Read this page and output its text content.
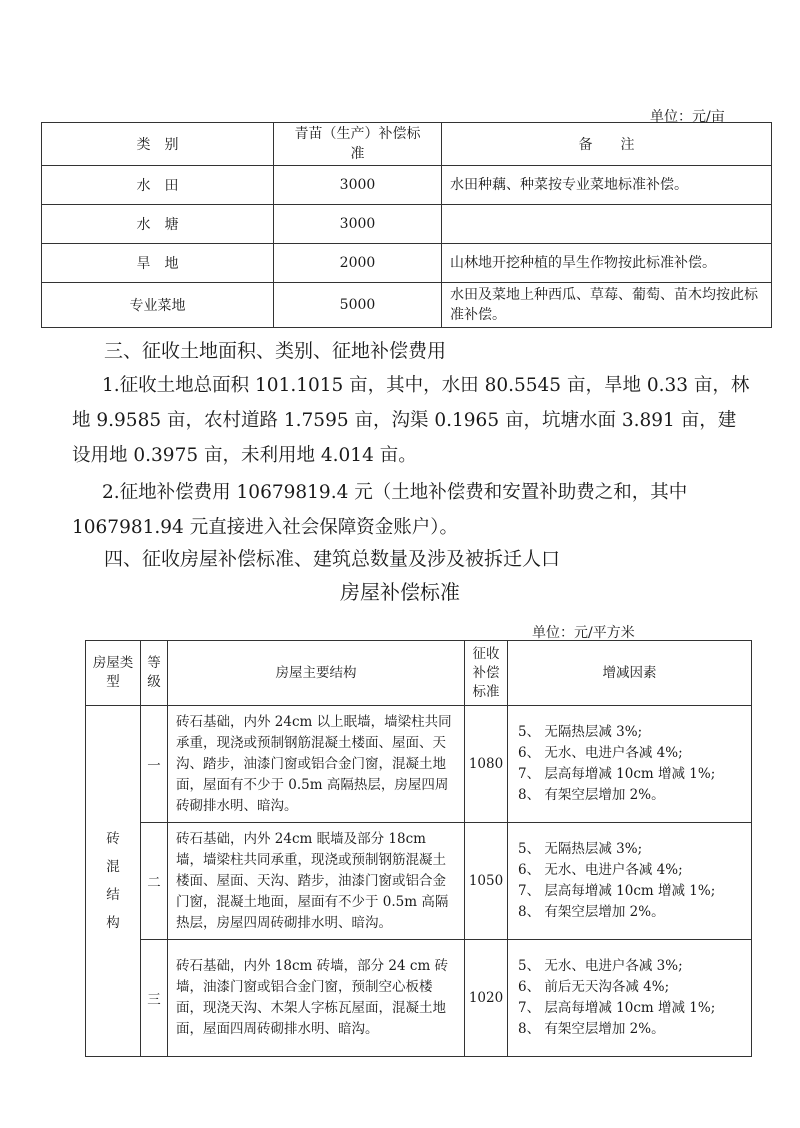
单位：元/亩
类　别	青苗（生产）补偿标准	备　　注
水　田	3000	水田种藕、种菜按专业菜地标准补偿。
水　塘	3000	
旱　地	2000	山林地开挖种植的旱生作物按此标准补偿。
专业菜地	5000	水田及菜地上种西瓜、草莓、葡萄、苗木均按此标准补偿。
三、征收土地面积、类别、征地补偿费用
1.征收土地总面积 101.1015 亩，其中，水田 80.5545 亩，旱地 0.33 亩，林地 9.9585 亩，农村道路 1.7595 亩，沟渠 0.1965 亩，坑塘水面 3.891 亩，建设用地 0.3975 亩，未利用地 4.014 亩。
2.征地补偿费用 10679819.4 元（土地补偿费和安置补助费之和，其中 1067981.94 元直接进入社会保障资金账户）。
四、征收房屋补偿标准、建筑总数量及涉及被拆迁人口
房屋补偿标准
单位：元/平方米
房屋类型	等级	房屋主要结构	征收补偿标准	增减因素
砖混结构	一	砖石基础，内外 24cm 以上眠墙，墙梁柱共同承重，现浇或预制钢筋混凝土楼面、屋面、天沟、踏步，油漆门窗或铝合金门窗，混凝土地面，屋面有不少于 0.5m 高隔热层，房屋四周砖砌排水明、暗沟。	1080	5、 无隔热层减 3%;
6、 无水、电进户各减 4%;
7、 层高每增减 10cm 增减 1%;
8、 有架空层增加 2%。

	二	砖石基础，内外 24cm 眠墙及部分 18cm 墙，墙梁柱共同承重，现浇或预制钢筋混凝土楼面、屋面、天沟、踏步，油漆门窗或铝合金门窗，混凝土地面，屋面有不少于 0.5m 高隔热层，房屋四周砖砌排水明、暗沟。	1050	5、 无隔热层减 3%;
6、 无水、电进户各减 4%;
7、 层高每增减 10cm 增减 1%;
8、 有架空层增加 2%。

	三	砖石基础，内外 18cm 砖墙，部分 24 cm 砖墙，油漆门窗或铝合金门窗，预制空心板楼面，现浇天沟、木架人字栋瓦屋面，混凝土地面，屋面四周砖砌排水明、暗沟。	1020	5、 无水、电进户各减 3%;
6、 前后无天沟各减 4%;
7、 层高每增减 10cm 增减 1%;
8、 有架空层增加 2%。
